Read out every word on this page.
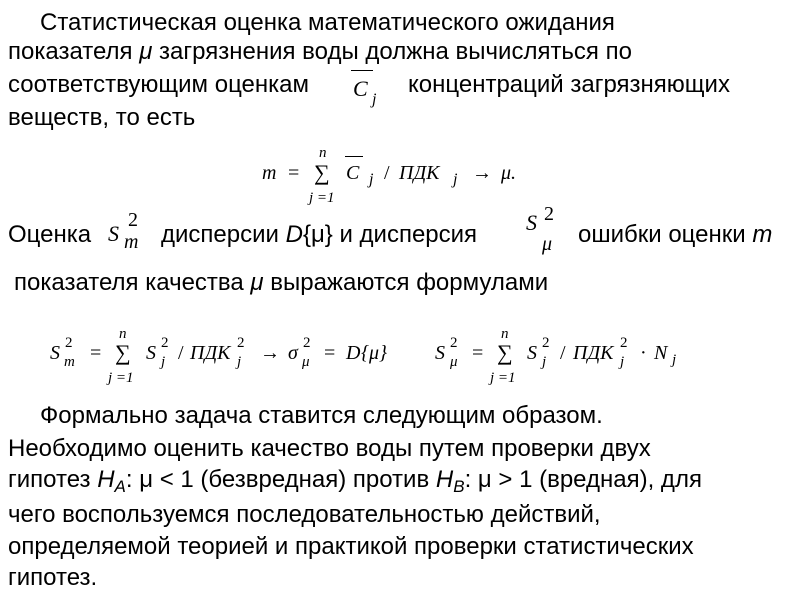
Статистическая оценка математического ожидания
показателя μ загрязнения воды должна вычисляться по
соответствующим оценкам C j
концентраций загрязняющих
веществ, то есть
m =
n
∑
j =1
C j / ПДК j → μ.
Оценка S
2
m дисперсии D{μ} и дисперсия S 2
μ ошибки оценки m
показателя качества μ выражаются формулами
S 2
m =
n
∑
j =1
S 2
j / ПДК 2
j → σ 2
μ = D {μ} S 2
μ =
n
∑
j =1
S 2
j / ПДК 2
j · N j
Формально задача ставится следующим образом.
Необходимо оценить качество воды путем проверки двух
гипотез $H_A$: μ < 1 (безвредная) против $H_B$: μ > 1 (вредная), для
чего воспользуемся последовательностью действий,
определяемой теорией и практикой проверки статистических
гипотез.
